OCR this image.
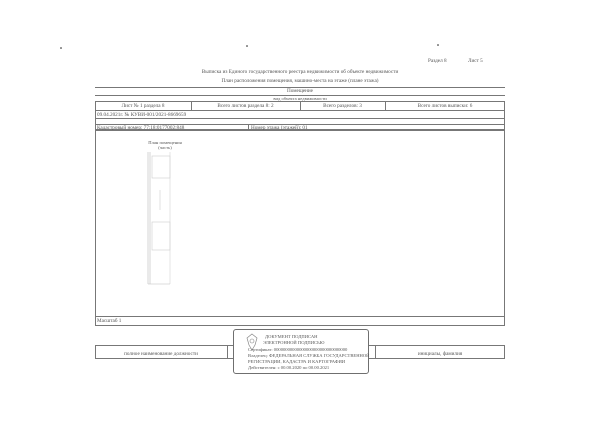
Раздел 8	Лист 5
Выписка из Единого государственного реестра недвижимости об объекте недвижимости
План расположения помещения, машино-места на этаже (плане этажа)
Помещение
вид объекта недвижимости
Лист № 1 раздела 8	Всего листов раздела 8: 2	Всего разделов: 3	Всего листов выписки: 6
09.04.2021г. № КУВИ-001/2021-8669659
Кадастровый номер: 77:18:0177002:848	Номер этажа (этажей): 01
План помещения
(часть)
Масштаб 1
полное наименование должности	инициалы, фамилия
ДОКУМЕНТ ПОДПИСАН
ЭЛЕКТРОННОЙ ПОДПИСЬЮ
Сертификат: 00000000000000000000000000000000
Владелец: ФЕДЕРАЛЬНАЯ СЛУЖБА ГОСУДАРСТВЕННОЙ
РЕГИСТРАЦИИ, КАДАСТРА И КАРТОГРАФИИ
Действителен: с 00.00.2020 по 00.00.2021
